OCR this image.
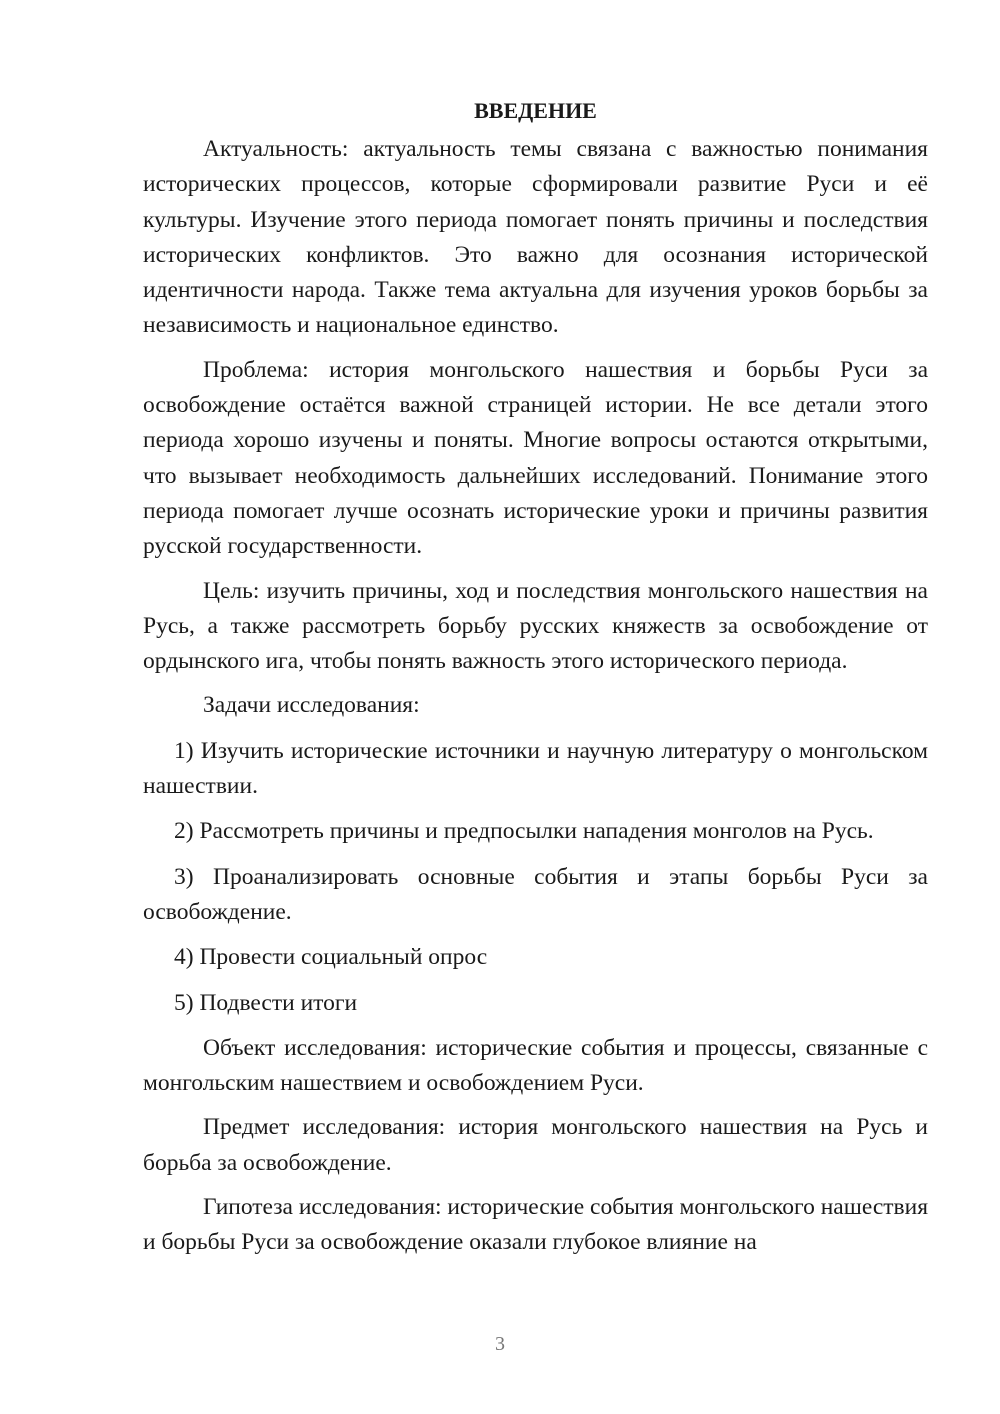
ВВЕДЕНИЕ

Актуальность: актуальность темы связана с важностью понимания исторических процессов, которые сформировали развитие Руси и её культуры. Изучение этого периода помогает понять причины и последствия исторических конфликтов. Это важно для осознания исторической идентичности народа. Также тема актуальна для изучения уроков борьбы за независимость и национальное единство.

Проблема: история монгольского нашествия и борьбы Руси за освобождение остаётся важной страницей истории. Не все детали этого периода хорошо изучены и поняты. Многие вопросы остаются открытыми, что вызывает необходимость дальнейших исследований. Понимание этого периода помогает лучше осознать исторические уроки и причины развития русской государственности.

Цель: изучить причины, ход и последствия монгольского нашествия на Русь, а также рассмотреть борьбу русских княжеств за освобождение от ордынского ига, чтобы понять важность этого исторического периода.

Задачи исследования:

1) Изучить исторические источники и научную литературу о монгольском нашествии.

2) Рассмотреть причины и предпосылки нападения монголов на Русь.

3) Проанализировать основные события и этапы борьбы Руси за освобождение.

4) Провести социальный опрос

5) Подвести итоги

Объект исследования: исторические события и процессы, связанные с монгольским нашествием и освобождением Руси.

Предмет исследования: история монгольского нашествия на Русь и борьба за освобождение.

Гипотеза исследования: исторические события монгольского нашествия и борьбы Руси за освобождение оказали глубокое влияние на

3
